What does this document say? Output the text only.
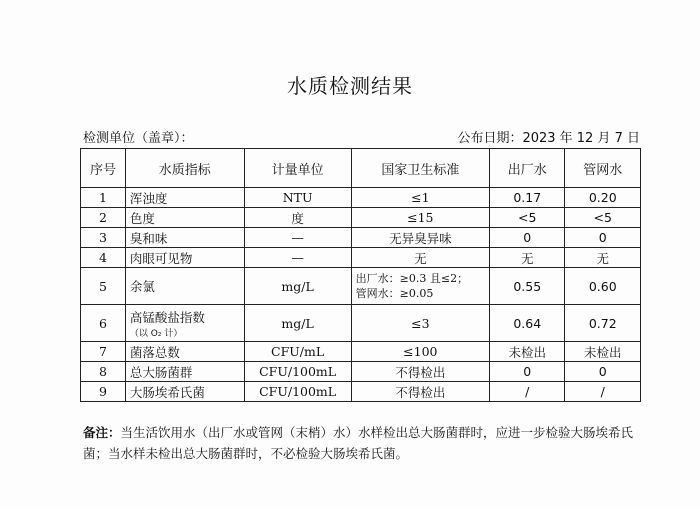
水质检测结果
检测单位（盖章）：	公布日期：2023 年 12 月 7 日
序号	水质指标	计量单位	国家卫生标准	出厂水	管网水
1	浑浊度	NTU	≤1	0.17	0.20
2	色度	度	≤15	<5	<5
3	臭和味	—	无异臭异味	0	0
4	肉眼可见物	—	无	无	无
5	余氯	mg/L	出厂水：≥0.3 且≤2；
管网水：≥0.05	0.55	0.60
6	高锰酸盐指数
（以 O₂ 计）	mg/L	≤3	0.64	0.72
7	菌落总数	CFU/mL	≤100	未检出	未检出
8	总大肠菌群	CFU/100mL	不得检出	0	0
9	大肠埃希氏菌	CFU/100mL	不得检出	/	/
备注：当生活饮用水（出厂水或管网（末梢）水）水样检出总大肠菌群时，应进一步检验大肠埃希氏菌；当水样未检出总大肠菌群时，不必检验大肠埃希氏菌。
